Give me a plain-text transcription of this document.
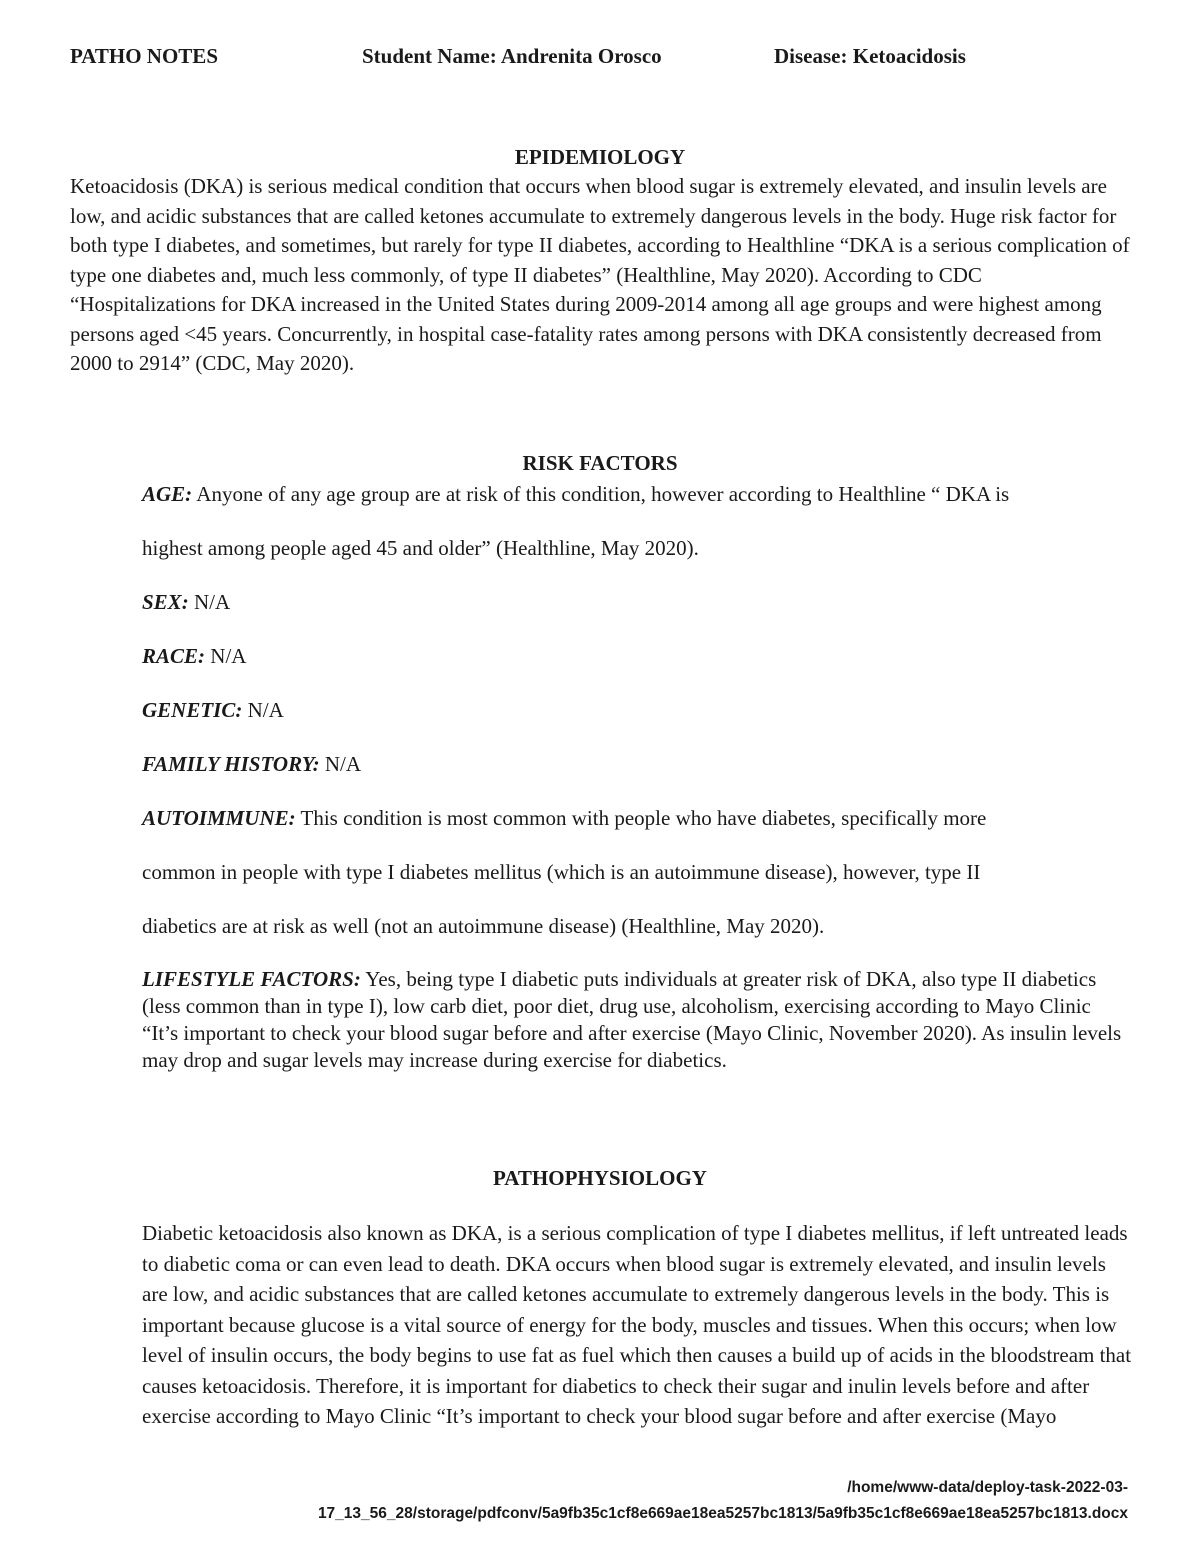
PATHO NOTES	Student Name: Andrenita Orosco	Disease: Ketoacidosis
EPIDEMIOLOGY
Ketoacidosis (DKA) is serious medical condition that occurs when blood sugar is extremely elevated, and insulin levels are low, and acidic substances that are called ketones accumulate to extremely dangerous levels in the body. Huge risk factor for both type I diabetes, and sometimes, but rarely for type II diabetes, according to Healthline “DKA is a serious complication of type one diabetes and, much less commonly, of type II diabetes” (Healthline, May 2020). According to CDC “Hospitalizations for DKA increased in the United States during 2009-2014 among all age groups and were highest among persons aged <45 years. Concurrently, in hospital case-fatality rates among persons with DKA consistently decreased from 2000 to 2914” (CDC, May 2020).
RISK FACTORS
AGE: Anyone of any age group are at risk of this condition, however according to Healthline “ DKA is
highest among people aged 45 and older” (Healthline, May 2020).
SEX: N/A
RACE: N/A
GENETIC: N/A
FAMILY HISTORY: N/A
AUTOIMMUNE: This condition is most common with people who have diabetes, specifically more
common in people with type I diabetes mellitus (which is an autoimmune disease), however, type II
diabetics are at risk as well (not an autoimmune disease) (Healthline, May 2020).
LIFESTYLE FACTORS: Yes, being type I diabetic puts individuals at greater risk of DKA, also type II diabetics (less common than in type I), low carb diet, poor diet, drug use, alcoholism, exercising according to Mayo Clinic “It’s important to check your blood sugar before and after exercise (Mayo Clinic, November 2020). As insulin levels may drop and sugar levels may increase during exercise for diabetics.
PATHOPHYSIOLOGY
Diabetic ketoacidosis also known as DKA, is a serious complication of type I diabetes mellitus, if left untreated leads to diabetic coma or can even lead to death. DKA occurs when blood sugar is extremely elevated, and insulin levels are low, and acidic substances that are called ketones accumulate to extremely dangerous levels in the body. This is important because glucose is a vital source of energy for the body, muscles and tissues. When this occurs; when low level of insulin occurs, the body begins to use fat as fuel which then causes a build up of acids in the bloodstream that causes ketoacidosis. Therefore, it is important for diabetics to check their sugar and inulin levels before and after exercise according to Mayo Clinic “It’s important to check your blood sugar before and after exercise (Mayo
/home/www-data/deploy-task-2022-03-
17_13_56_28/storage/pdfconv/5a9fb35c1cf8e669ae18ea5257bc1813/5a9fb35c1cf8e669ae18ea5257bc1813.docx
